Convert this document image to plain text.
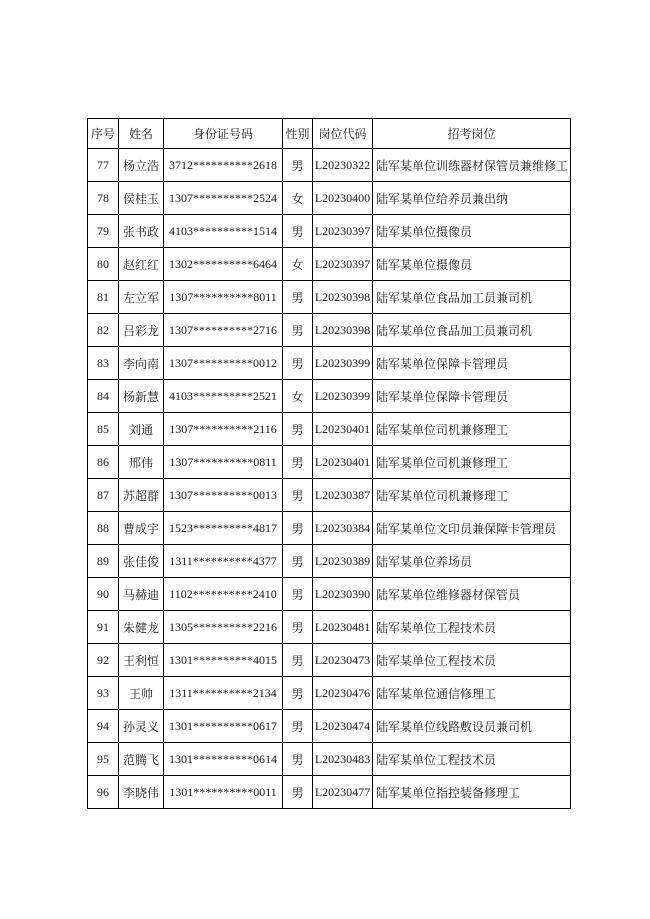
序号	姓名	身份证号码	性别	岗位代码	招考岗位
77	杨立浩	3712**********2618	男	L20230322	陆军某单位训练器材保管员兼维修工
78	侯桂玉	1307**********2524	女	L20230400	陆军某单位给养员兼出纳
79	张书政	4103**********1514	男	L20230397	陆军某单位摄像员
80	赵红红	1302**********6464	女	L20230397	陆军某单位摄像员
81	左立军	1307**********8011	男	L20230398	陆军某单位食品加工员兼司机
82	吕彩龙	1307**********2716	男	L20230398	陆军某单位食品加工员兼司机
83	李向南	1307**********0012	男	L20230399	陆军某单位保障卡管理员
84	杨新慧	4103**********2521	女	L20230399	陆军某单位保障卡管理员
85	刘通	1307**********2116	男	L20230401	陆军某单位司机兼修理工
86	邢伟	1307**********0811	男	L20230401	陆军某单位司机兼修理工
87	苏超群	1307**********0013	男	L20230387	陆军某单位司机兼修理工
88	曹成宇	1523**********4817	男	L20230384	陆军某单位文印员兼保障卡管理员
89	张佳俊	1311**********4377	男	L20230389	陆军某单位养场员
90	马赫迪	1102**********2410	男	L20230390	陆军某单位维修器材保管员
91	朱健龙	1305**********2216	男	L20230481	陆军某单位工程技术员
92	王利恒	1301**********4015	男	L20230473	陆军某单位工程技术员
93	王帅	1311**********2134	男	L20230476	陆军某单位通信修理工
94	孙灵义	1301**********0617	男	L20230474	陆军某单位线路敷设员兼司机
95	范腾飞	1301**********0614	男	L20230483	陆军某单位工程技术员
96	李晓伟	1301**********0011	男	L20230477	陆军某单位指控装备修理工
